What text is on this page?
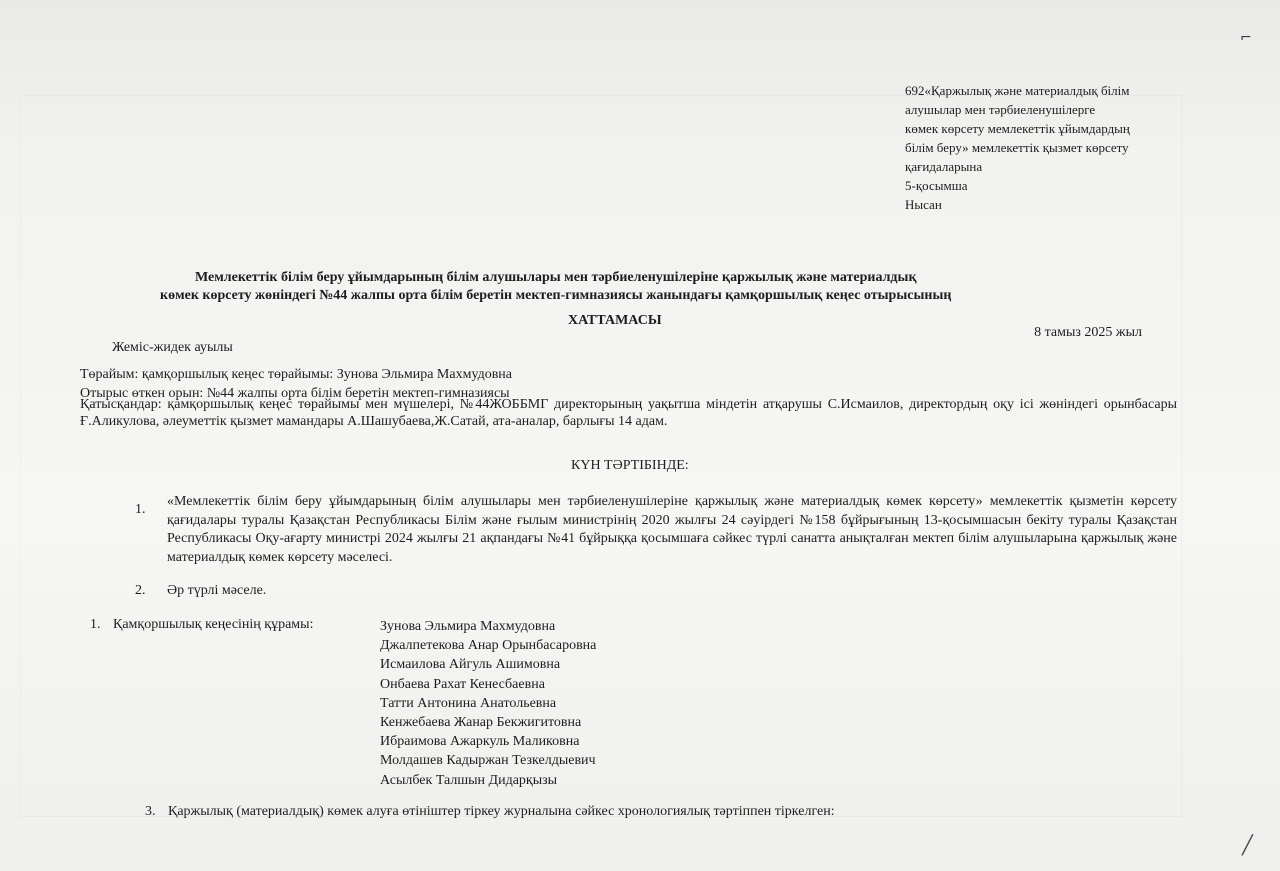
⌐
692«Қаржылық және материалдық білім
алушылар мен тәрбиеленушілерге
көмек көрсету мемлекеттік ұйымдардың
білім беру» мемлекеттік қызмет көрсету
қағидаларына
5-қосымша
Нысан
Мемлекеттік білім беру ұйымдарының білім алушылары мен тәрбиеленушілеріне қаржылық және материалдық
көмек көрсету жөніндегі №44 жалпы орта білім беретін мектеп-гимназиясы жанындағы қамқоршылық кеңес отырысының
ХАТТАМАСЫ
8 тамыз 2025 жыл
Жеміс-жидек ауылы
Төрайым: қамқоршылық кеңес төрайымы: Зунова Эльмира Махмудовна
Отырыс өткен орын: №44 жалпы орта білім беретін мектеп-гимназиясы
Қатысқандар: қамқоршылық кеңес төрайымы мен мүшелері, №44ЖОББМГ директорының уақытша міндетін атқарушы С.Исмаилов, директордың оқу ісі жөніндегі орынбасары Ғ.Аликулова, әлеуметтік қызмет мамандары А.Шашубаева,Ж.Сатай, ата-аналар, барлығы 14 адам.
КҮН ТӘРТІБІНДЕ:
1.
«Мемлекеттік білім беру ұйымдарының білім алушылары мен тәрбиеленушілеріне қаржылық және материалдық көмек көрсету» мемлекеттік қызметін көрсету қағидалары туралы Қазақстан Республикасы Білім және ғылым министрінің 2020 жылғы 24 сәуірдегі №158 бұйрығының 13-қосымшасын бекіту туралы Қазақстан Республикасы Оқу-ағарту министрі 2024 жылғы 21 ақпандағы №41 бұйрыққа қосымшаға сәйкес түрлі санатта анықталған мектеп білім алушыларына қаржылық және материалдық көмек көрсету мәселесі.
2. Әр түрлі мәселе.
1. Қамқоршылық кеңесінің құрамы:	Зунова Эльмира Махмудовна
Джалпетекова Анар Орынбасаровна
Исмаилова Айгуль Ашимовна
Онбаева Рахат Кенесбаевна
Татти Антонина Анатольевна
Кенжебаева Жанар Бекжигитовна
Ибраимова Ажаркуль Маликовна
Молдашев Кадыржан Тезкелдыевич
Асылбек Талшын Дидарқызы
3. Қаржылық (материалдық) көмек алуға өтініштер тіркеу журналына сәйкес хронологиялық тәртіппен тіркелген:
╱
